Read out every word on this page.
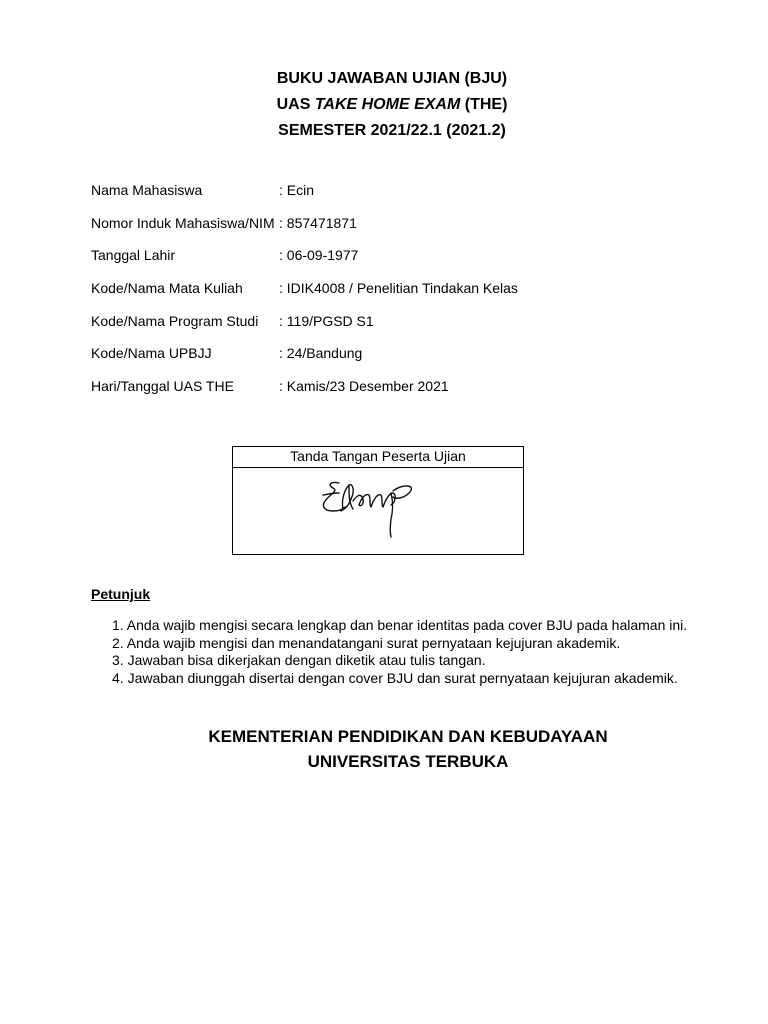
BUKU JAWABAN UJIAN (BJU)
UAS TAKE HOME EXAM (THE)
SEMESTER 2021/22.1 (2021.2)
Nama Mahasiswa	: Ecin
Nomor Induk Mahasiswa/NIM : 857471871
Tanggal Lahir	: 06-09-1977
Kode/Nama Mata Kuliah	: IDIK4008 / Penelitian Tindakan Kelas
Kode/Nama Program Studi	: 119/PGSD S1
Kode/Nama UPBJJ	: 24/Bandung
Hari/Tanggal UAS THE	: Kamis/23 Desember 2021
Tanda Tangan Peserta Ujian
Petunjuk
1. Anda wajib mengisi secara lengkap dan benar identitas pada cover BJU pada halaman ini.
2. Anda wajib mengisi dan menandatangani surat pernyataan kejujuran akademik.
3. Jawaban bisa dikerjakan dengan diketik atau tulis tangan.
4. Jawaban diunggah disertai dengan cover BJU dan surat pernyataan kejujuran akademik.
KEMENTERIAN PENDIDIKAN DAN KEBUDAYAAN
UNIVERSITAS TERBUKA
